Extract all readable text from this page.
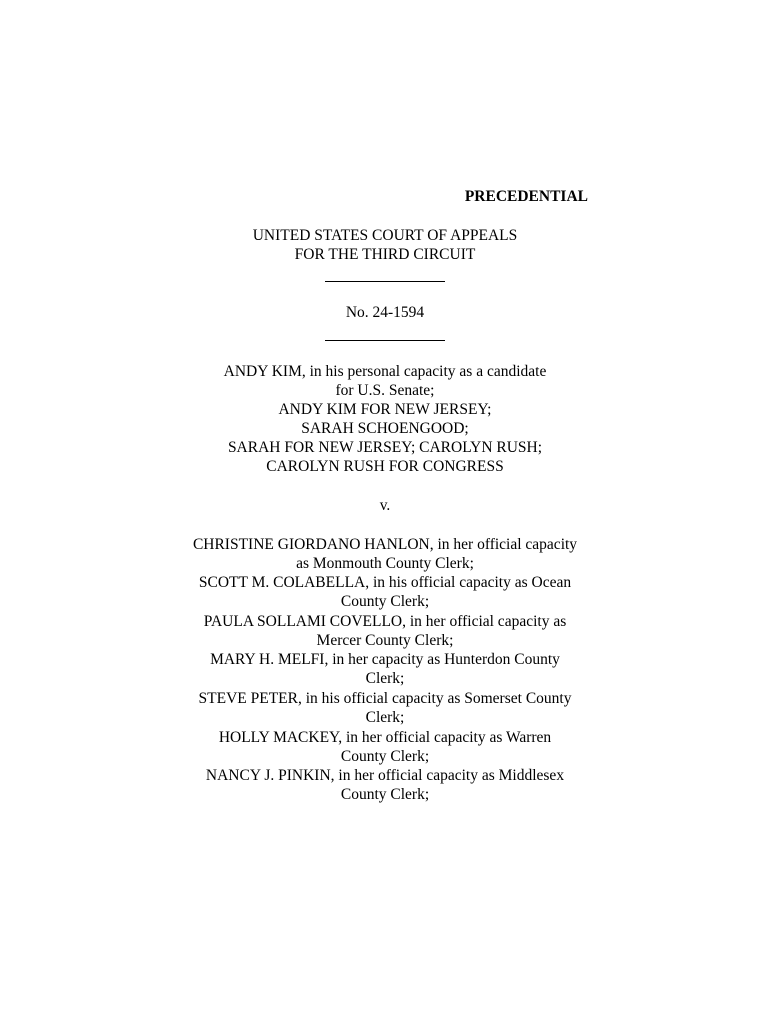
PRECEDENTIAL
UNITED STATES COURT OF APPEALS
FOR THE THIRD CIRCUIT
No. 24-1594
ANDY KIM, in his personal capacity as a candidate
for U.S. Senate;
ANDY KIM FOR NEW JERSEY;
SARAH SCHOENGOOD;
SARAH FOR NEW JERSEY; CAROLYN RUSH;
CAROLYN RUSH FOR CONGRESS
v.
CHRISTINE GIORDANO HANLON, in her official capacity
as Monmouth County Clerk;
SCOTT M. COLABELLA, in his official capacity as Ocean
County Clerk;
PAULA SOLLAMI COVELLO, in her official capacity as
Mercer County Clerk;
MARY H. MELFI, in her capacity as Hunterdon County
Clerk;
STEVE PETER, in his official capacity as Somerset County
Clerk;
HOLLY MACKEY, in her official capacity as Warren
County Clerk;
NANCY J. PINKIN, in her official capacity as Middlesex
County Clerk;
